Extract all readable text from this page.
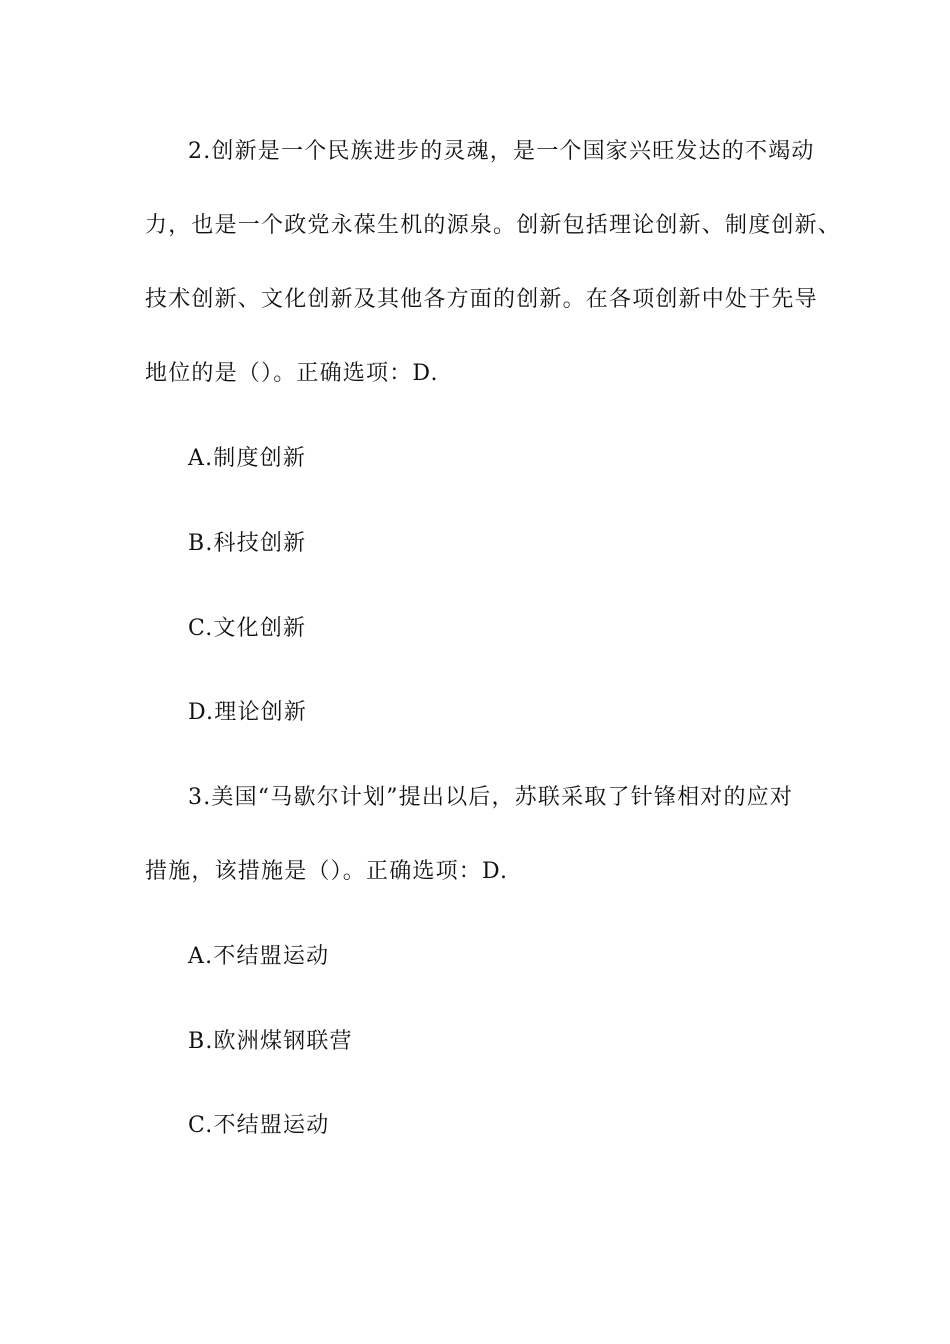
2.创新是一个民族进步的灵魂，是一个国家兴旺发达的不竭动
力，也是一个政党永葆生机的源泉。创新包括理论创新、制度创新、
技术创新、文化创新及其他各方面的创新。在各项创新中处于先导
地位的是（）。正确选项：D.
A.制度创新
B.科技创新
C.文化创新
D.理论创新
3.美国“马歇尔计划”提出以后，苏联采取了针锋相对的应对
措施，该措施是（）。正确选项：D.
A.不结盟运动
B.欧洲煤钢联营
C.不结盟运动
